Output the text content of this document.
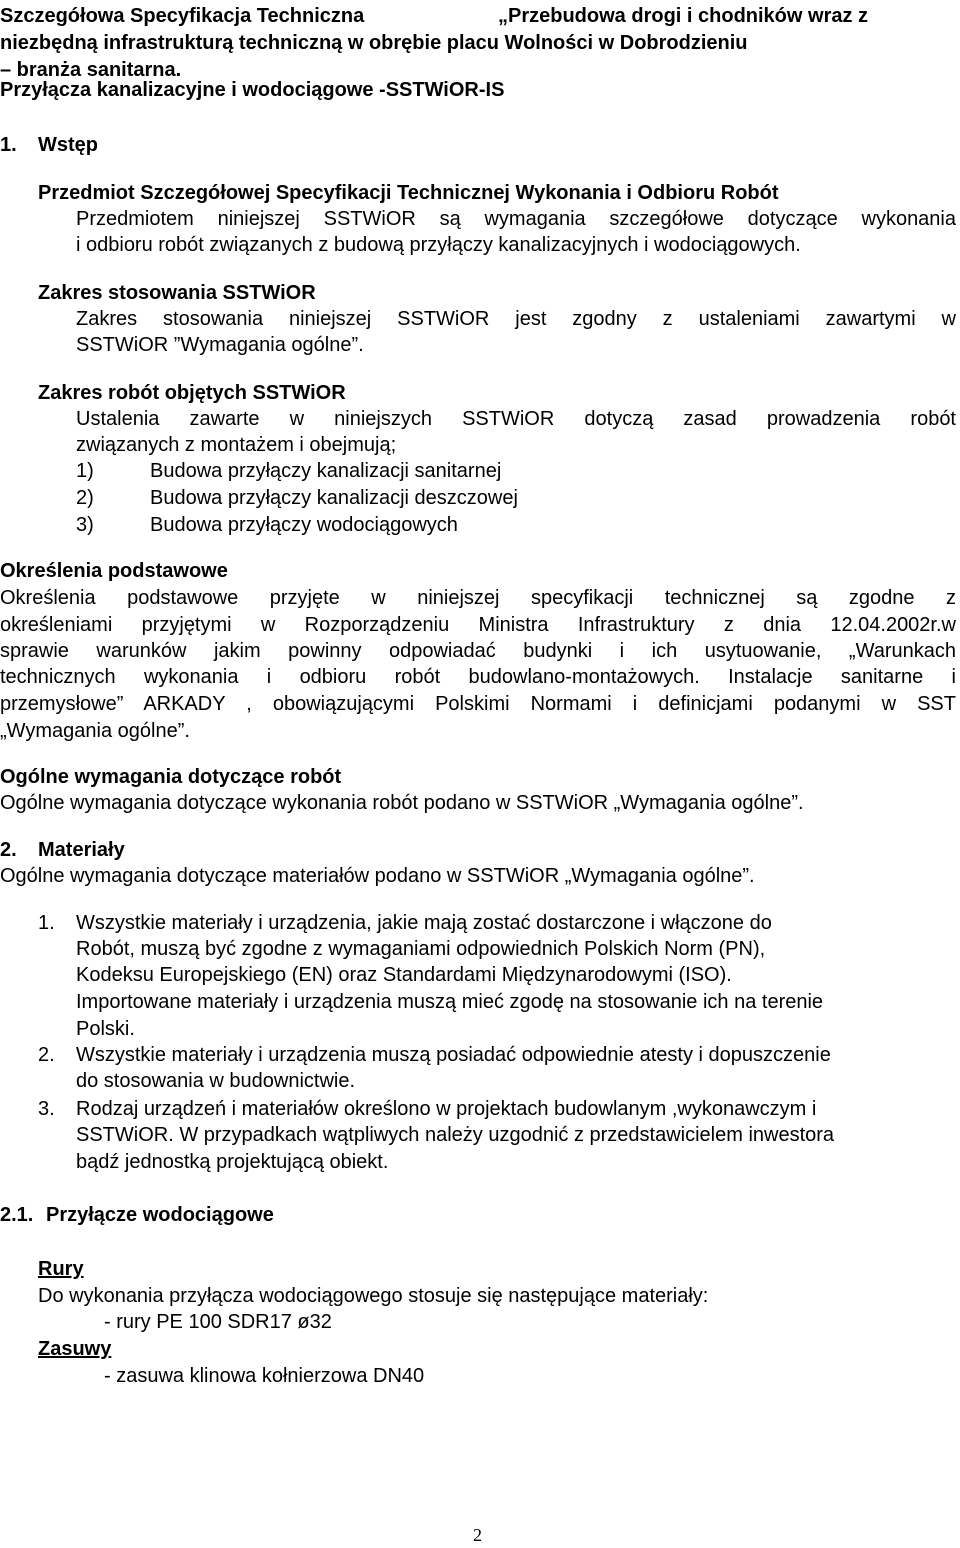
Szczegółowa Specyfikacja Techniczna	„Przebudowa drogi i chodników wraz z
niezbędną infrastrukturą techniczną w obrębie placu Wolności w Dobrodzieniu
– branża sanitarna.
Przyłącza kanalizacyjne i wodociągowe -SSTWiOR-IS
1. Wstęp
Przedmiot Szczegółowej Specyfikacji Technicznej Wykonania i Odbioru Robót
Przedmiotem niniejszej SSTWiOR są wymagania szczegółowe dotyczące wykonania
i odbioru robót związanych z budową przyłączy kanalizacyjnych i wodociągowych.
Zakres stosowania SSTWiOR
Zakres stosowania niniejszej SSTWiOR jest zgodny z ustaleniami zawartymi w
SSTWiOR ”Wymagania ogólne”.
Zakres robót objętych SSTWiOR
Ustalenia zawarte w niniejszych SSTWiOR dotyczą zasad prowadzenia robót
związanych z montażem i obejmują;
1)	Budowa przyłączy kanalizacji sanitarnej
2)	Budowa przyłączy kanalizacji deszczowej
3)	Budowa przyłączy wodociągowych
Określenia podstawowe
Określenia podstawowe przyjęte w niniejszej specyfikacji technicznej są zgodne z
określeniami przyjętymi w Rozporządzeniu Ministra Infrastruktury z dnia 12.04.2002r.w
sprawie warunków jakim powinny odpowiadać budynki i ich usytuowanie, „Warunkach
technicznych wykonania i odbioru robót budowlano-montażowych. Instalacje sanitarne i
przemysłowe” ARKADY , obowiązującymi Polskimi Normami i definicjami podanymi w SST
„Wymagania ogólne”.
Ogólne wymagania dotyczące robót
Ogólne wymagania dotyczące wykonania robót podano w SSTWiOR „Wymagania ogólne”.
2. Materiały
Ogólne wymagania dotyczące materiałów podano w SSTWiOR „Wymagania ogólne”.
1. Wszystkie materiały i urządzenia, jakie mają zostać dostarczone i włączone do
Robót, muszą być zgodne z wymaganiami odpowiednich Polskich Norm (PN),
Kodeksu Europejskiego (EN) oraz Standardami Międzynarodowymi (ISO).
Importowane materiały i urządzenia muszą mieć zgodę na stosowanie ich na terenie
Polski.
2. Wszystkie materiały i urządzenia muszą posiadać odpowiednie atesty i dopuszczenie
do stosowania w budownictwie.
3. Rodzaj urządzeń i materiałów określono w projektach budowlanym ,wykonawczym i
SSTWiOR. W przypadkach wątpliwych należy uzgodnić z przedstawicielem inwestora
bądź jednostką projektującą obiekt.
2.1. Przyłącze wodociągowe
Rury
Do wykonania przyłącza wodociągowego stosuje się następujące materiały:
- rury PE 100 SDR17 ø32
Zasuwy
- zasuwa klinowa kołnierzowa DN40
2
